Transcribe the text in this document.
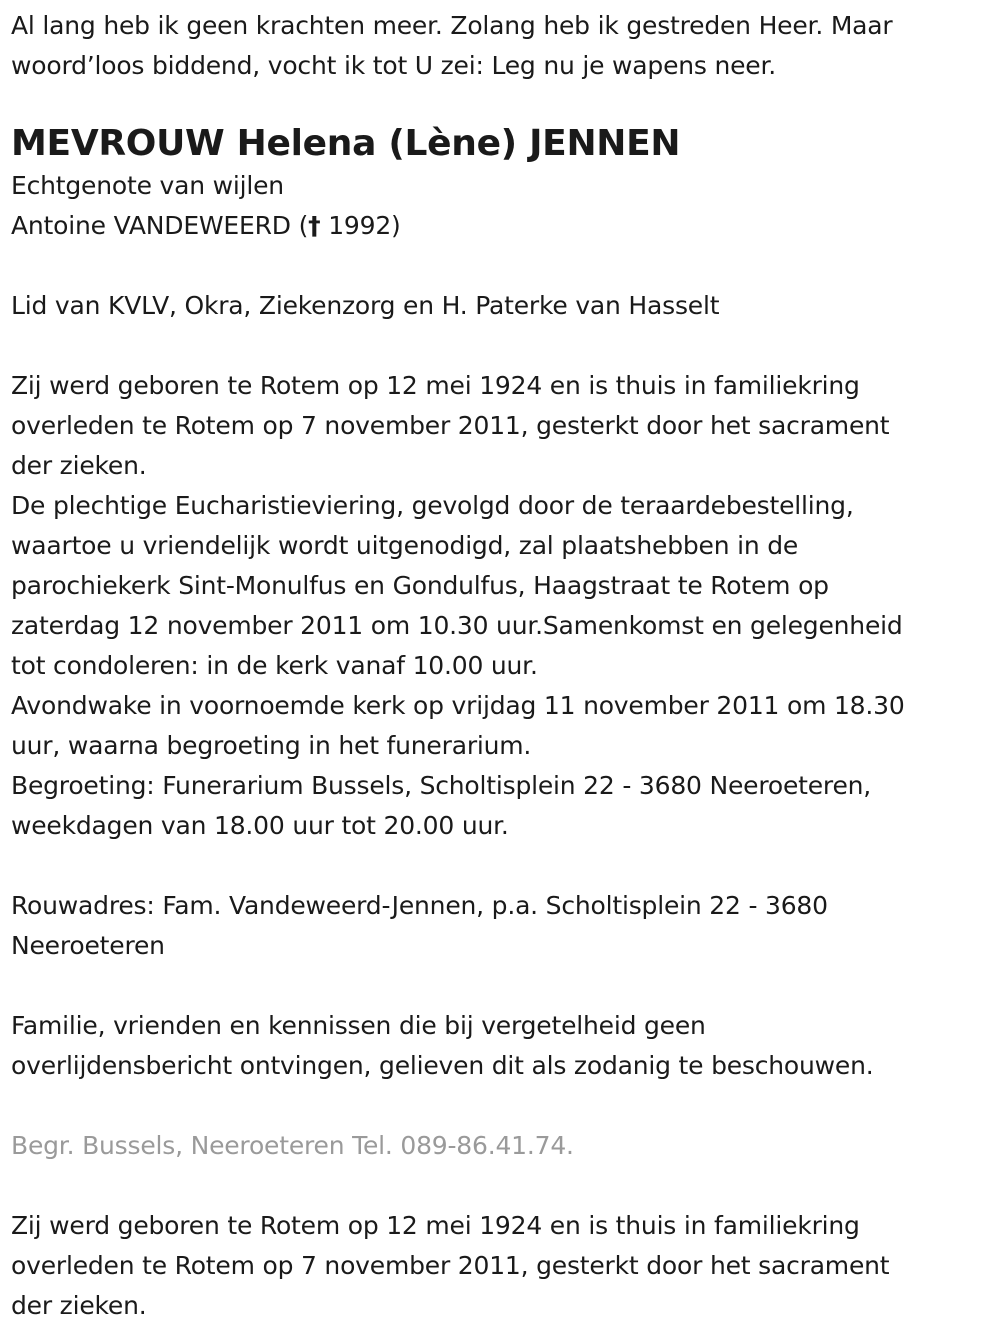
Al lang heb ik geen krachten meer. Zolang heb ik gestreden Heer. Maar
woord’loos biddend, vocht ik tot U zei: Leg nu je wapens neer.
MEVROUW Helena (Lène) JENNEN
Echtgenote van wijlen
Antoine VANDEWEERD († 1992)
Lid van KVLV, Okra, Ziekenzorg en H. Paterke van Hasselt
Zij werd geboren te Rotem op 12 mei 1924 en is thuis in familiekring
overleden te Rotem op 7 november 2011, gesterkt door het sacrament
der zieken.
De plechtige Eucharistieviering, gevolgd door de teraardebestelling,
waartoe u vriendelijk wordt uitgenodigd, zal plaatshebben in de
parochiekerk Sint-Monulfus en Gondulfus, Haagstraat te Rotem op
zaterdag 12 november 2011 om 10.30 uur.Samenkomst en gelegenheid
tot condoleren: in de kerk vanaf 10.00 uur.
Avondwake in voornoemde kerk op vrijdag 11 november 2011 om 18.30
uur, waarna begroeting in het funerarium.
Begroeting: Funerarium Bussels, Scholtisplein 22 - 3680 Neeroeteren,
weekdagen van 18.00 uur tot 20.00 uur.
Rouwadres: Fam. Vandeweerd-Jennen, p.a. Scholtisplein 22 - 3680
Neeroeteren
Familie, vrienden en kennissen die bij vergetelheid geen
overlijdensbericht ontvingen, gelieven dit als zodanig te beschouwen.
Begr. Bussels, Neeroeteren Tel. 089-86.41.74.
Zij werd geboren te Rotem op 12 mei 1924 en is thuis in familiekring
overleden te Rotem op 7 november 2011, gesterkt door het sacrament
der zieken.
